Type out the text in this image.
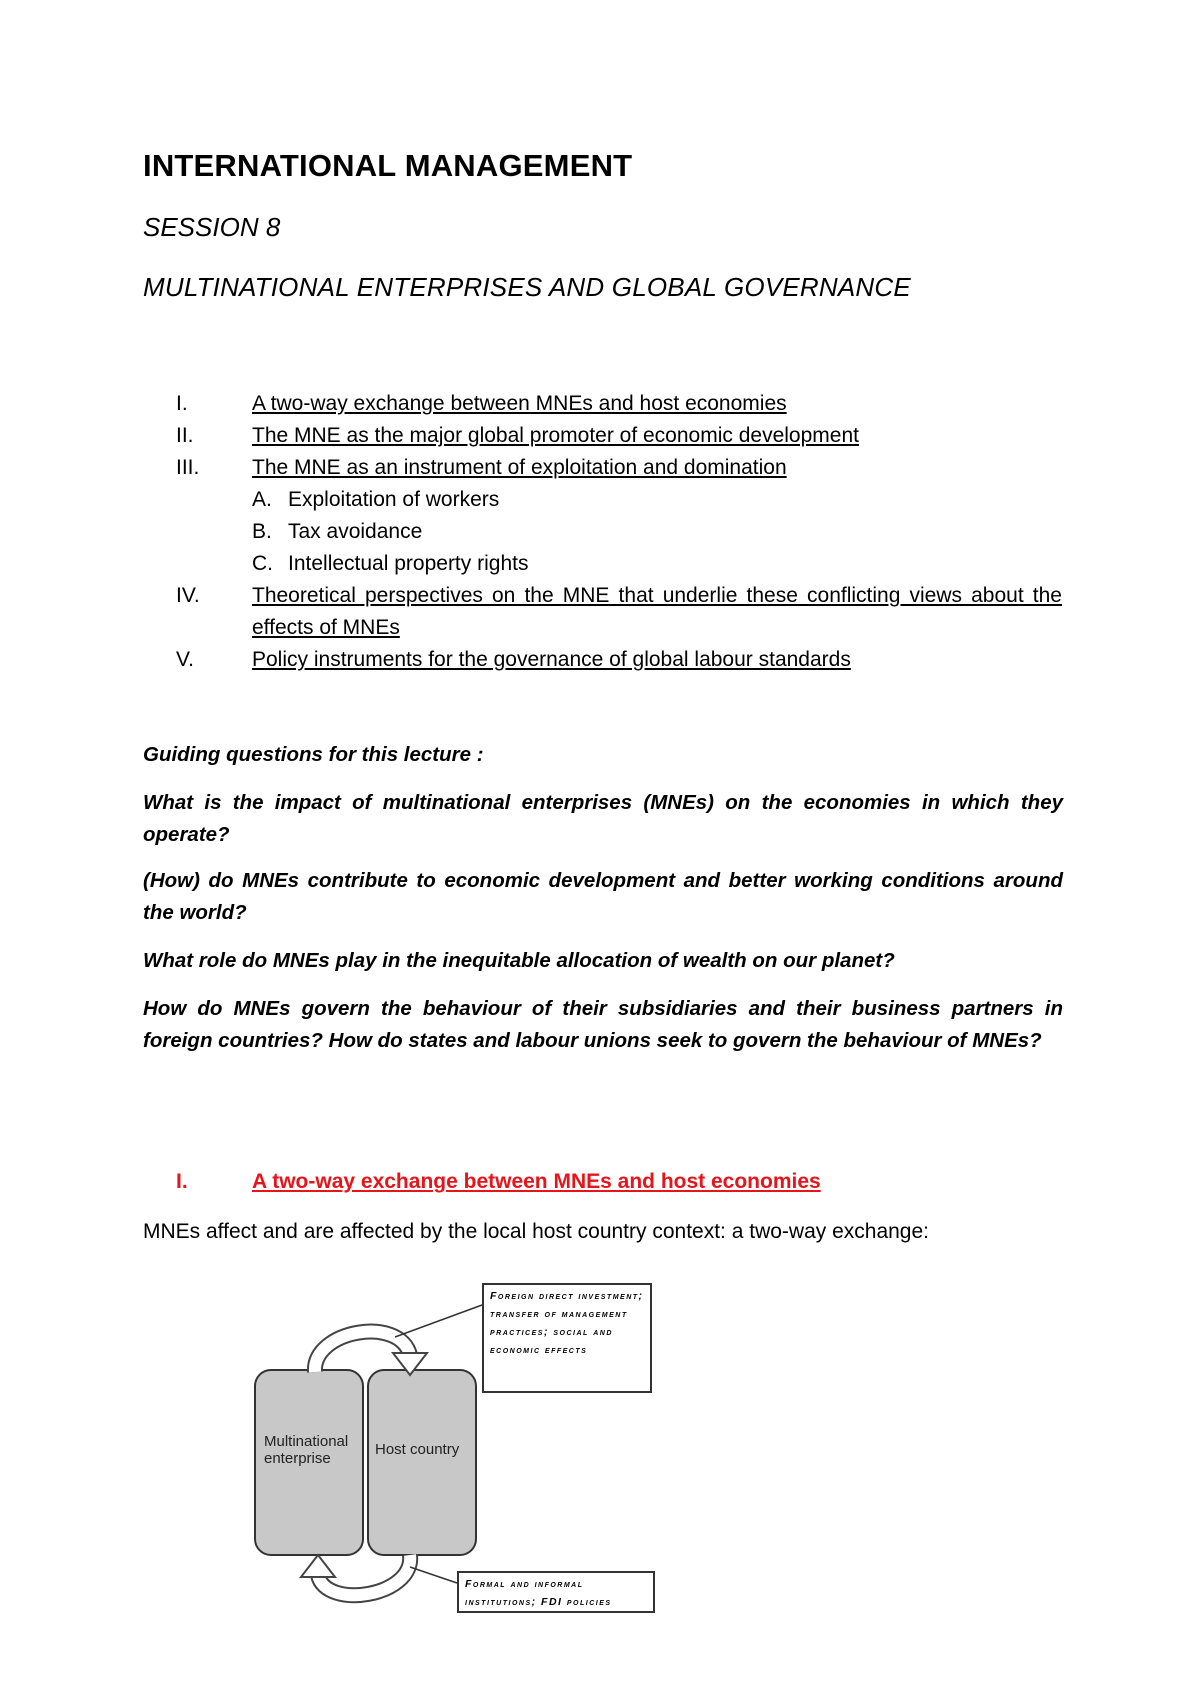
INTERNATIONAL MANAGEMENT
SESSION 8
MULTINATIONAL ENTERPRISES AND GLOBAL GOVERNANCE
I.	A two-way exchange between MNEs and host economies
II.	The MNE as the major global promoter of economic development
III.	The MNE as an instrument of exploitation and domination
A. Exploitation of workers
B. Tax avoidance
C. Intellectual property rights
IV. Theoretical perspectives on the MNE that underlie these conflicting views about the effects of MNEs
V.	Policy instruments for the governance of global labour standards

Guiding questions for this lecture :

What is the impact of multinational enterprises (MNEs) on the economies in which they operate?

(How) do MNEs contribute to economic development and better working conditions around the world?

What role do MNEs play in the inequitable allocation of wealth on our planet?

How do MNEs govern the behaviour of their subsidiaries and their business partners in foreign countries? How do states and labour unions seek to govern the behaviour of MNEs?

I.	A two-way exchange between MNEs and host economies
MNEs affect and are affected by the local host country context: a two-way exchange:
Multinational enterprise
Host country
Foreign direct investment; transfer of management practices; social and economic effects
Formal and informal institutions; FDI policies
